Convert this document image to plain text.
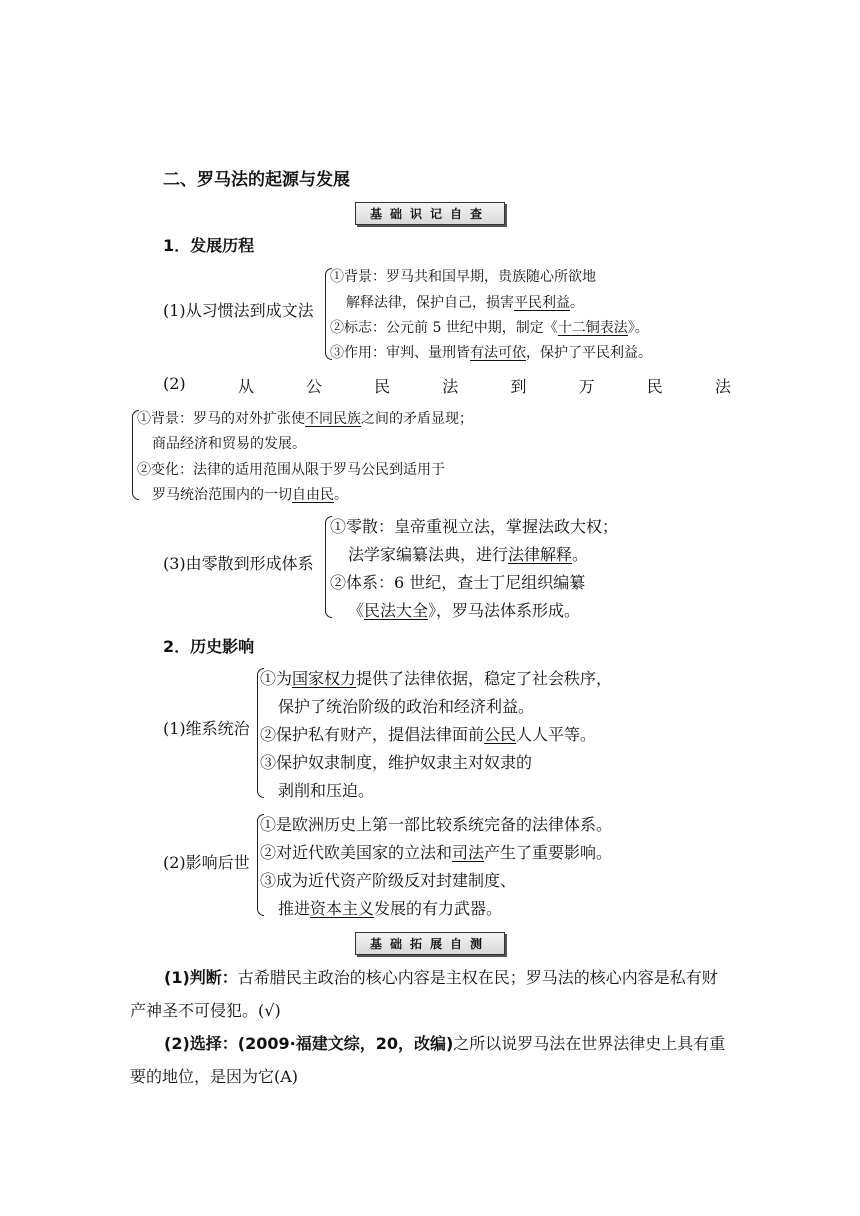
二、罗马法的起源与发展
基础识记自查
1．发展历程
(1)从习惯法到成文法
①背景：罗马共和国早期，贵族随心所欲地
解释法律，保护自己，损害平民利益。
②标志：公元前 5 世纪中期，制定《十二铜表法》。
③作用：审判、量刑皆有法可依，保护了平民利益。
(2)	从	公	民	法	到	万	民	法
①背景：罗马的对外扩张使不同民族之间的矛盾显现；
商品经济和贸易的发展。
②变化：法律的适用范围从限于罗马公民到适用于
罗马统治范围内的一切自由民。
(3)由零散到形成体系
①零散：皇帝重视立法，掌握法政大权；
法学家编纂法典，进行法律解释。
②体系：6 世纪，查士丁尼组织编纂
《民法大全》，罗马法体系形成。
2．历史影响
(1)维系统治
①为国家权力提供了法律依据，稳定了社会秩序，
保护了统治阶级的政治和经济利益。
②保护私有财产，提倡法律面前公民人人平等。
③保护奴隶制度，维护奴隶主对奴隶的
剥削和压迫。
(2)影响后世
①是欧洲历史上第一部比较系统完备的法律体系。
②对近代欧美国家的立法和司法产生了重要影响。
③成为近代资产阶级反对封建制度、
推进资本主义发展的有力武器。
基础拓展自测
(1)判断：古希腊民主政治的核心内容是主权在民；罗马法的核心内容是私有财产神圣不可侵犯。(√)
(2)选择：(2009·福建文综，20，改编)之所以说罗马法在世界法律史上具有重要的地位，是因为它(A)
